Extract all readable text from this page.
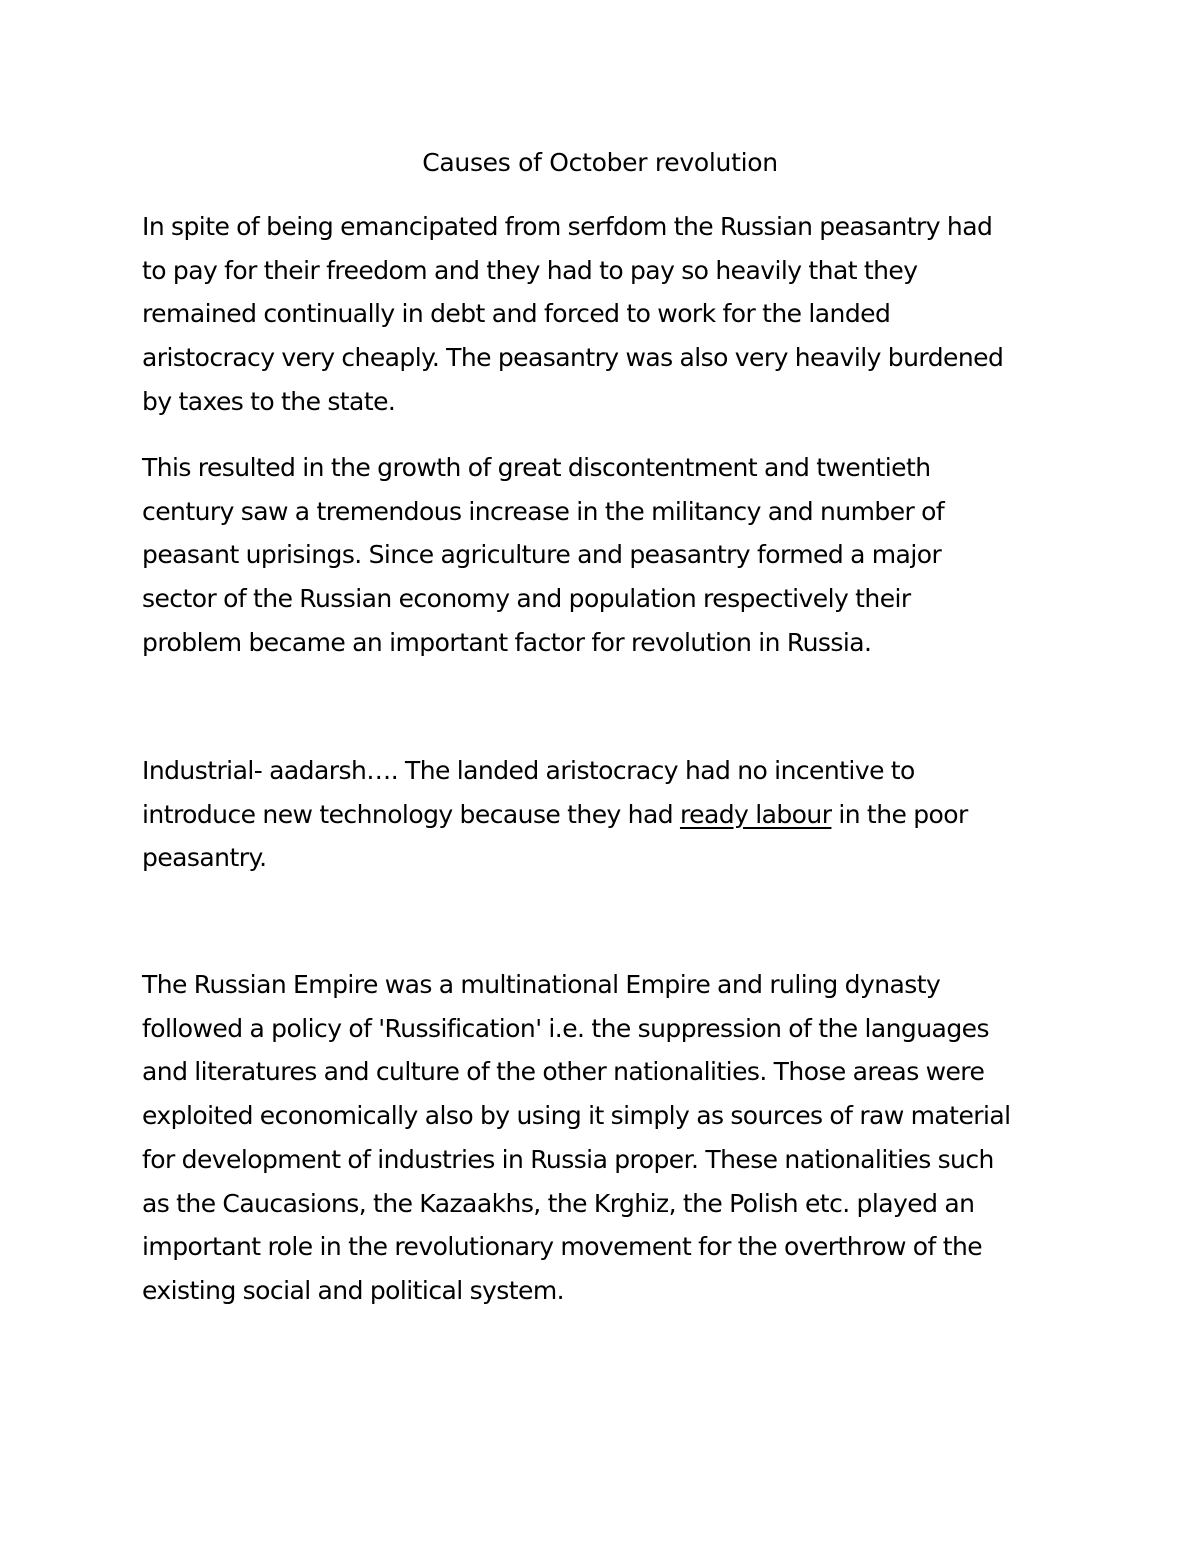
Causes of October revolution

In spite of being emancipated from serfdom the Russian peasantry had
to pay for their freedom and they had to pay so heavily that they
remained continually in debt and forced to work for the landed
aristocracy very cheaply. The peasantry was also very heavily burdened
by taxes to the state.

This resulted in the growth of great discontentment and twentieth
century saw a tremendous increase in the militancy and number of
peasant uprisings. Since agriculture and peasantry formed a major
sector of the Russian economy and population respectively their
problem became an important factor for revolution in Russia.

Industrial- aadarsh…. The landed aristocracy had no incentive to
introduce new technology because they had ready labour in the poor
peasantry.

The Russian Empire was a multinational Empire and ruling dynasty
followed a policy of 'Russification' i.e. the suppression of the languages
and literatures and culture of the other nationalities. Those areas were
exploited economically also by using it simply as sources of raw material
for development of industries in Russia proper. These nationalities such
as the Caucasions, the Kazaakhs, the Krghiz, the Polish etc. played an
important role in the revolutionary movement for the overthrow of the
existing social and political system.
